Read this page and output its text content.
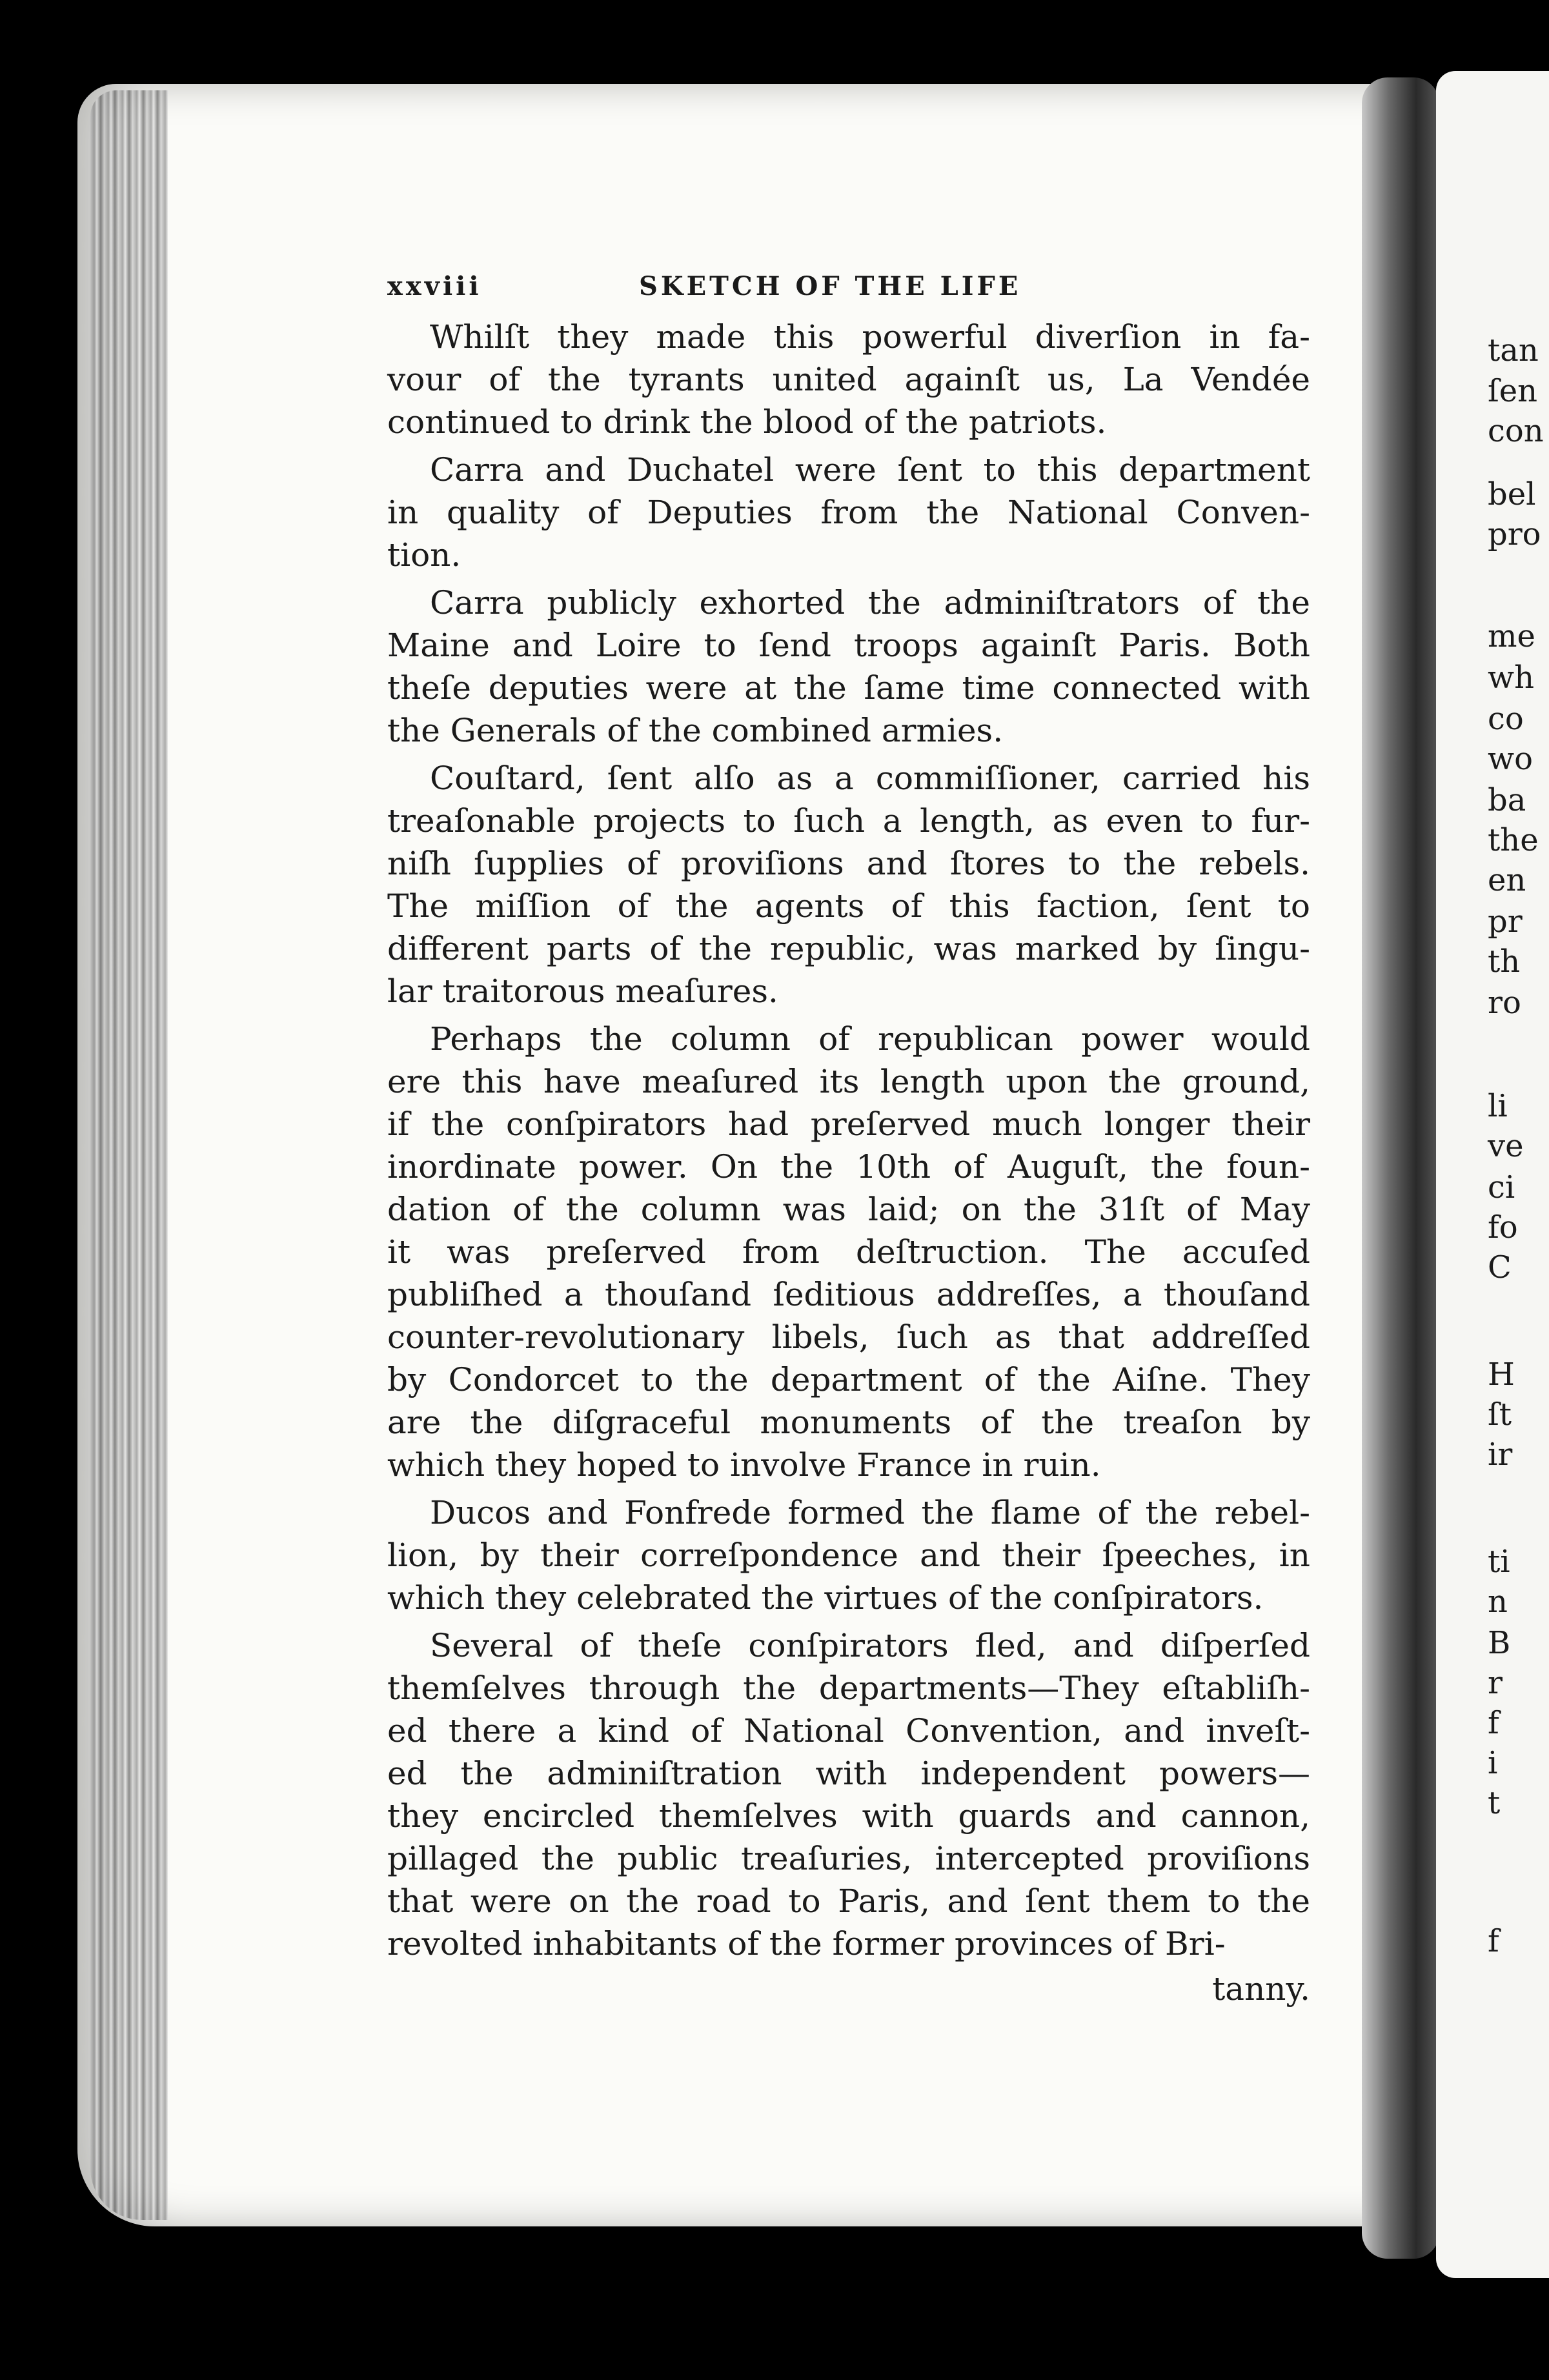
xxviii	SKETCH OF THE LIFE

Whilſt they made this powerful diverſion in fa-
vour of the tyrants united againſt us, La Vendée
continued to drink the blood of the patriots.

Carra and Duchatel were ſent to this department
in quality of Deputies from the National Conven-
tion.

Carra publicly exhorted the adminiſtrators of the
Maine and Loire to ſend troops againſt Paris. Both
theſe deputies were at the ſame time connected with
the Generals of the combined armies.

Couſtard, ſent alſo as a commiſſioner, carried his
treaſonable projects to ſuch a length, as even to fur-
niſh ſupplies of proviſions and ſtores to the rebels.
The miſſion of the agents of this faction, ſent to
different parts of the republic, was marked by ſingu-
lar traitorous meaſures.

Perhaps the column of republican power would
ere this have meaſured its length upon the ground,
if the conſpirators had preſerved much longer their
inordinate power. On the 10th of Auguſt, the foun-
dation of the column was laid; on the 31ſt of May
it was preſerved from deſtruction. The accuſed
publiſhed a thouſand ſeditious addreſſes, a thouſand
counter-revolutionary libels, ſuch as that addreſſed
by Condorcet to the department of the Aiſne. They
are the diſgraceful monuments of the treaſon by
which they hoped to involve France in ruin.

Ducos and Fonfrede formed the flame of the rebel-
lion, by their correſpondence and their ſpeeches, in
which they celebrated the virtues of the conſpirators.

Several of theſe conſpirators fled, and diſperſed
themſelves through the departments—They eſtabliſh-
ed there a kind of National Convention, and inveſt-
ed the adminiſtration with independent powers—
they encircled themſelves with guards and cannon,
pillaged the public treaſuries, intercepted proviſions
that were on the road to Paris, and ſent them to the
revolted inhabitants of the former provinces of Bri-

tanny.
tan
ſen
con
bel
pro
me
wh
co
wo
ba
the
en
pr
th
ro
li
ve
ci
fo
C
H
ſt
ir
ti
n
B
r
f
i
t
f
